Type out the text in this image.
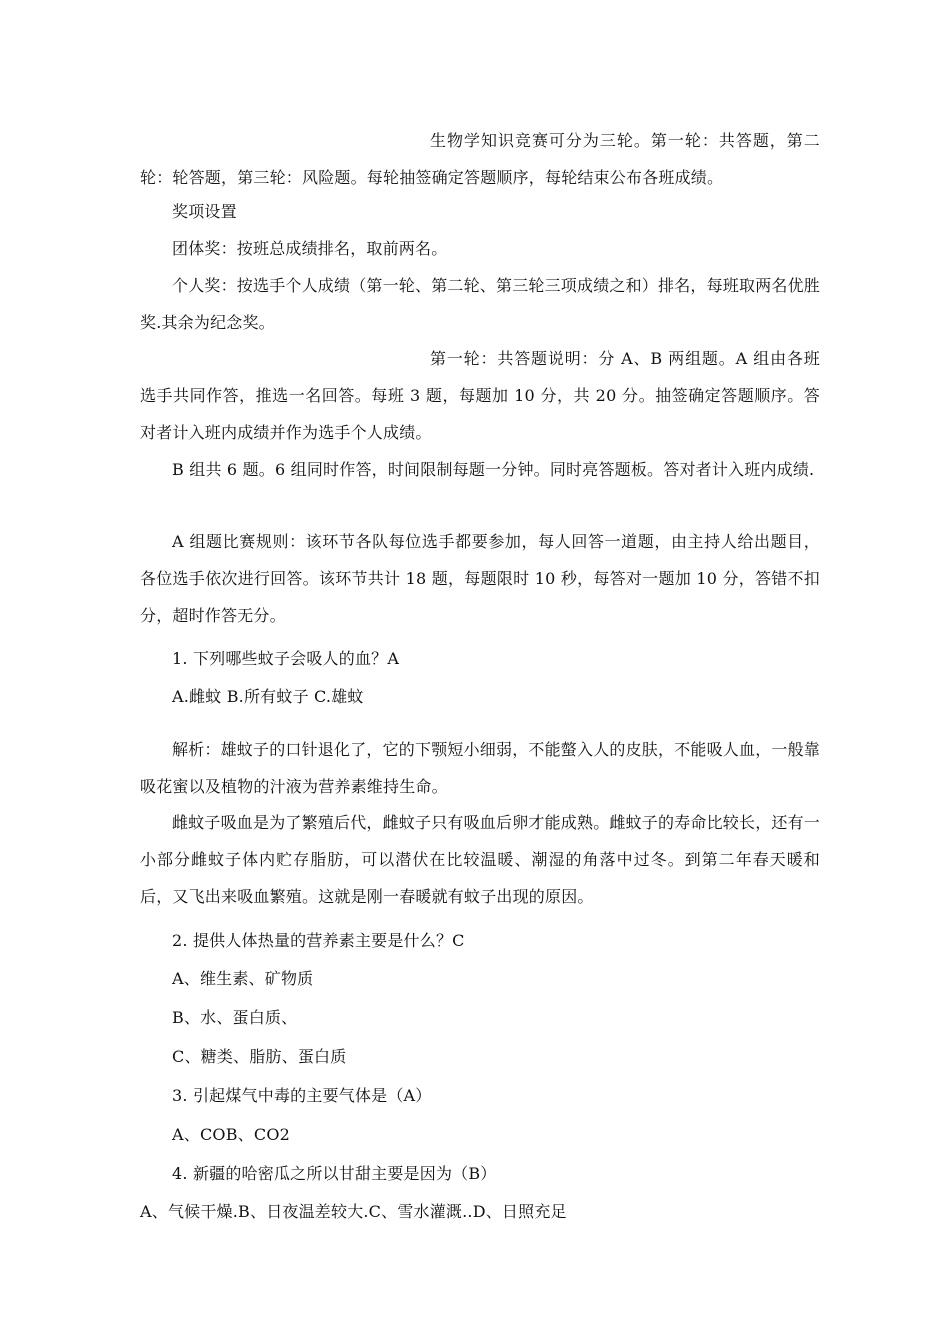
生物学知识竞赛可分为三轮。第一轮：共答题，第二轮：轮答题，第三轮：风险题。每轮抽签确定答题顺序，每轮结束公布各班成绩。
奖项设置
团体奖：按班总成绩排名，取前两名。
个人奖：按选手个人成绩（第一轮、第二轮、第三轮三项成绩之和）排名，每班取两名优胜奖.其余为纪念奖。
第一轮：共答题说明：分 A、B 两组题。A 组由各班选手共同作答，推选一名回答。每班 3 题，每题加 10 分，共 20 分。抽签确定答题顺序。答对者计入班内成绩并作为选手个人成绩。
B 组共 6 题。6 组同时作答，时间限制每题一分钟。同时亮答题板。答对者计入班内成绩.
A 组题比赛规则：该环节各队每位选手都要参加，每人回答一道题，由主持人给出题目，各位选手依次进行回答。该环节共计 18 题，每题限时 10 秒，每答对一题加 10 分，答错不扣分，超时作答无分。
1. 下列哪些蚊子会吸人的血？A
A.雌蚊 B.所有蚊子 C.雄蚊
解析：雄蚊子的口针退化了，它的下颚短小细弱，不能螫入人的皮肤，不能吸人血，一般靠吸花蜜以及植物的汁液为营养素维持生命。
雌蚊子吸血是为了繁殖后代，雌蚊子只有吸血后卵才能成熟。雌蚊子的寿命比较长，还有一小部分雌蚊子体内贮存脂肪，可以潜伏在比较温暖、潮湿的角落中过冬。到第二年春天暖和后，又飞出来吸血繁殖。这就是刚一春暖就有蚊子出现的原因。
2. 提供人体热量的营养素主要是什么？C
A、维生素、矿物质
B、水、蛋白质、
C、糖类、脂肪、蛋白质
3. 引起煤气中毒的主要气体是（A）
A、COB、CO2
4. 新疆的哈密瓜之所以甘甜主要是因为（B）
A、气候干燥.B、日夜温差较大.C、雪水灌溉..D、日照充足
